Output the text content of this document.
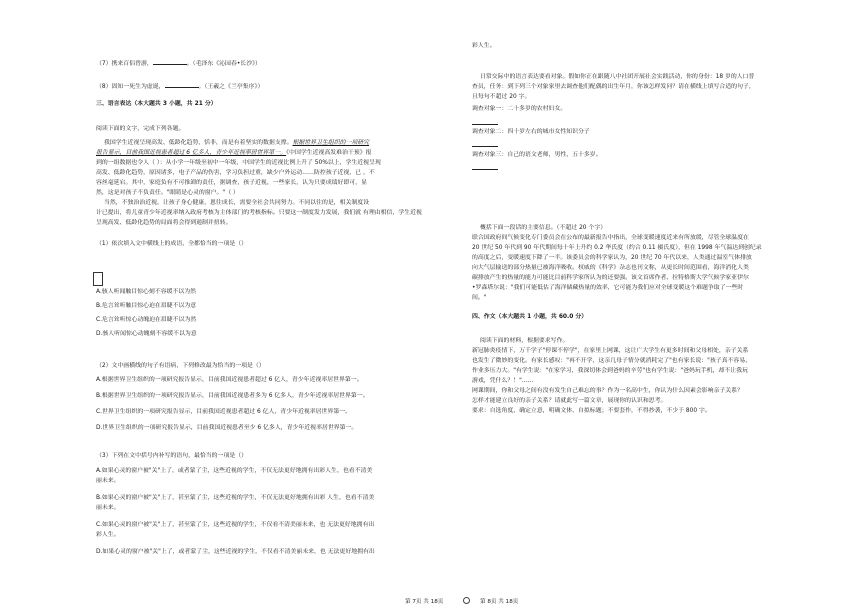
（7）携来百侣曾游，	。（毛泽东《沁园春•长沙》）
（8）固知一死生为虚诞，	。（王羲之《兰亭集序》）
三、语言表达（本大题共 3 小题，共 21 分）
阅读下面的文字，完成下列各题。
我国学生近视呈现高发、低龄化趋势，恬非，而是有着坚实的数据支撑。根据世界卫生组织的一项研究
报告显示，目前我国近视患者超过 6 亿多人，青少年近视率居世界第一。《中国学生近视高发难治干预》报
到的一组数据也令人（ ）：从小学一年级至初中一年级，中国学生的近视比例上升了 50%以上，学生近视呈现
高发、低龄化趋势，原因诸多，电子产品的伤害，学习负担过重，缺少户外运动……防控孩子近视，已 ，不
容丝毫延宕。其中，家庭负有不可推卸的责任，据调查，孩子近视，一些家长，认为只要成绩好即可，显
然，这是对孩子不负责任。"眼睛是心灵的窗户。"（ ）
当然，不独治治近视，让孩子身心健康，恩往成长，需要全社会共同努力。不同以往的是，相关制度设
计已提出，将儿童青少年近视率纳入政府考核为主体部门的考核指标。只要这一制度发力发展，我们就 有理由相信，学生近视
呈现高发、低龄化趋势的局面将会得到遏制并扭转。
（1）依次填入文中横线上的成语，全都恰当的一项是（）
A.骇人听闻触目惊心刻不容缓不以为然
B.危言耸听触目惊心迫在眉睫不以为意
C.危言耸听惊心动魄迫在眉睫不以为然
D.骇人听闻惊心动魄刻不容缓不以为意
（2）文中画横线的句子有语病，下列修改最为恰当的一项是（）
A.根据世界卫生组织的一项研究报告显示，目前我国近视患者超过 6 亿人，青少年近视率居世界第一。
B.根据世界卫生组织的一项研究报告显示，目前我国近视患者多为 6 亿多人，青少年近视率居世界第一。
C.世界卫生组织的一项研究报告显示，目前我国近视患者超过 6 亿人，青少年近视率居世界第一。
D.世界卫生组织的一项研究报告显示，目前我国近视患者至少 6 亿多人，青少年近视率居世界第一。
（3）下列在文中括号内补写的语句，最恰当的一项是（）
A.如果心灵的窗户被"关"上了，或者蒙了尘，这些近视的学生，不仅无法更好地拥有出彩人生，也看不清美
丽未来。
B.如果心灵的窗户被"关"上了，甚至蒙了尘，这些近视的学生，不仅无法更好地拥有出彩 人生，也看不清美
丽未来。
C.如果心灵的窗户被"关"上了，甚至蒙了尘，这些近视的学生，不仅看不清美丽未来，也 无法更好地拥有出
彩人生。
D.如果心灵的窗户被"关"上了，或者蒙了尘，这些近视的学生，不仅看不清美丽未来，也 无法更好地拥有出
彩人生。
日常交际中的语言表达要看对象。假如你正在跟随八中社团开展社会实践活动，你的身份：18 岁的人口普
查员，任务：到下列三个对象家里去调查他们配偶的出生年月，你该怎样发问？请在横线上填写合适的句子，
且每句不超过 20 字。
调查对象一：二十多岁的农村妇女。
调查对象二：四十岁左右的城市女性知识分子
调查对象三：自己的语文老师，男性，五十多岁。
概括下面一段话的主要信息。（不超过 20 个字）
联合国政府间气候变化专门委员会在公布的最新报告中指出，全球变暖速度近来有所放缓，尽管全球温度在
20 世纪 50 年代到 90 年代期间每十年上升约 0.2 华氏度（约合 0.11 摄氏度），但在 1998 年气温达到创纪录
的高度之后，变暖速度下降了一半。该委员会的科学家认为，20 世纪 70 年代以来，人类通过温室气体排放
向大气层输送的部分热量已被海洋吸收。权威的《科学》杂志也刊文称，从更长时间范围看，海洋消化人类
碳排放产生的热量的能力可能比目前科学家所认为的还要强。该文首席作者、拉特格斯大学气候学家亚伊尔
•罗森塔尔说："我们可能低估了海洋储藏热量的效率，它可能为我们应对全球变暖这个难题争取了一些时
间。"
四、作文（本大题共 1 小题，共 60.0 分）
阅读下面的材料，根据要求写作。
新冠肺炎疫情下，万千学子"停课不停学"，在家里上网课，这让广大学生有更多时间和父母相处，亲子关系
也发生了微妙的变化。有家长感叹："再不开学，这亲几母子情分就消耗完了"也有家长说："孩子真不容易，
作业多压力大。"有学生说："在家学习，我深切体会到爸妈的辛劳"也有学生说："爸妈玩手机，却不让我玩
游戏，凭什么？！"……
网课期间，你和父母之间有没有发生自己难忘的事？作为一名高中生，你认为什么因素会影响亲子关系？
怎样才能建立良好的亲子关系？请就此写一篇文章，展现你的认识和思考。
要求：自选角度，确定立意，明确文体，自拟标题；不要套作，不得抄袭，不少于 800 字。
第 7页 共 18页	第 8页 共 18页
